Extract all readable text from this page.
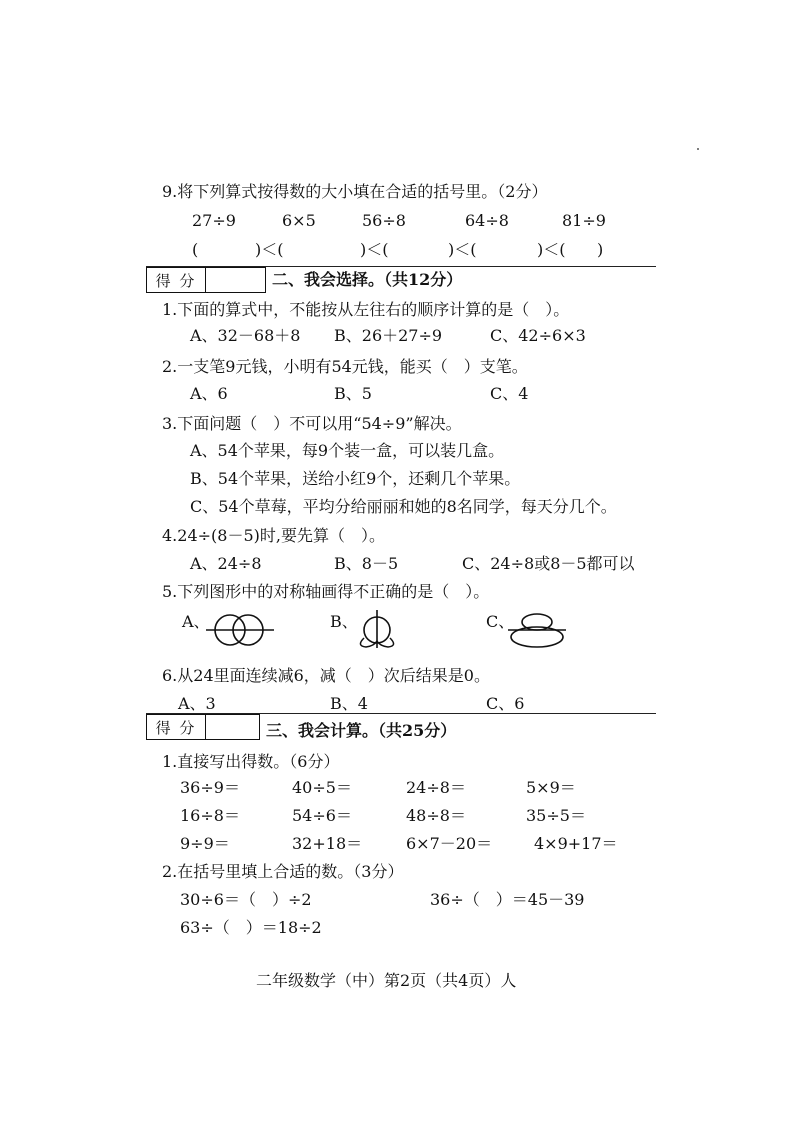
9.将下列算式按得数的大小填在合适的括号里。（2分）
27÷9	6×5	56÷8	64÷8	81÷9
(	)＜(	)＜(	)＜(	)＜( )
得 分	二、我会选择。（共12分）
1.下面的算式中，不能按从左往右的顺序计算的是（　）。
A、32－68＋8 B、26＋27÷9	C、42÷6×3
2.一支笔9元钱，小明有54元钱，能买（　）支笔。
A、6	B、5	C、4
3.下面问题（　）不可以用“54÷9”解决。
A、54个苹果，每9个装一盒，可以装几盒。
B、54个苹果，送给小红9个，还剩几个苹果。
C、54个草莓，平均分给丽丽和她的8名同学，每天分几个。
4.24÷(8－5)时,要先算（　）。
A、24÷8	B、8－5	C、24÷8或8－5都可以
5.下列图形中的对称轴画得不正确的是（　）。
A、	B、	C、
6.从24里面连续减6，减（　）次后结果是0。
A、3	B、4	C、6
得 分	三、我会计算。（共25分）
1.直接写出得数。（6分）
36÷9＝	40÷5＝	24÷8＝	5×9＝
16÷8＝	54÷6＝	48÷8＝	35÷5＝
9÷9＝	32+18＝	6×7－20＝	4×9+17＝
2.在括号里填上合适的数。（3分）
30÷6＝（　）÷2	36÷（　）＝45－39
63÷（　）＝18÷2
二年级数学（中）第2页（共4页）人
